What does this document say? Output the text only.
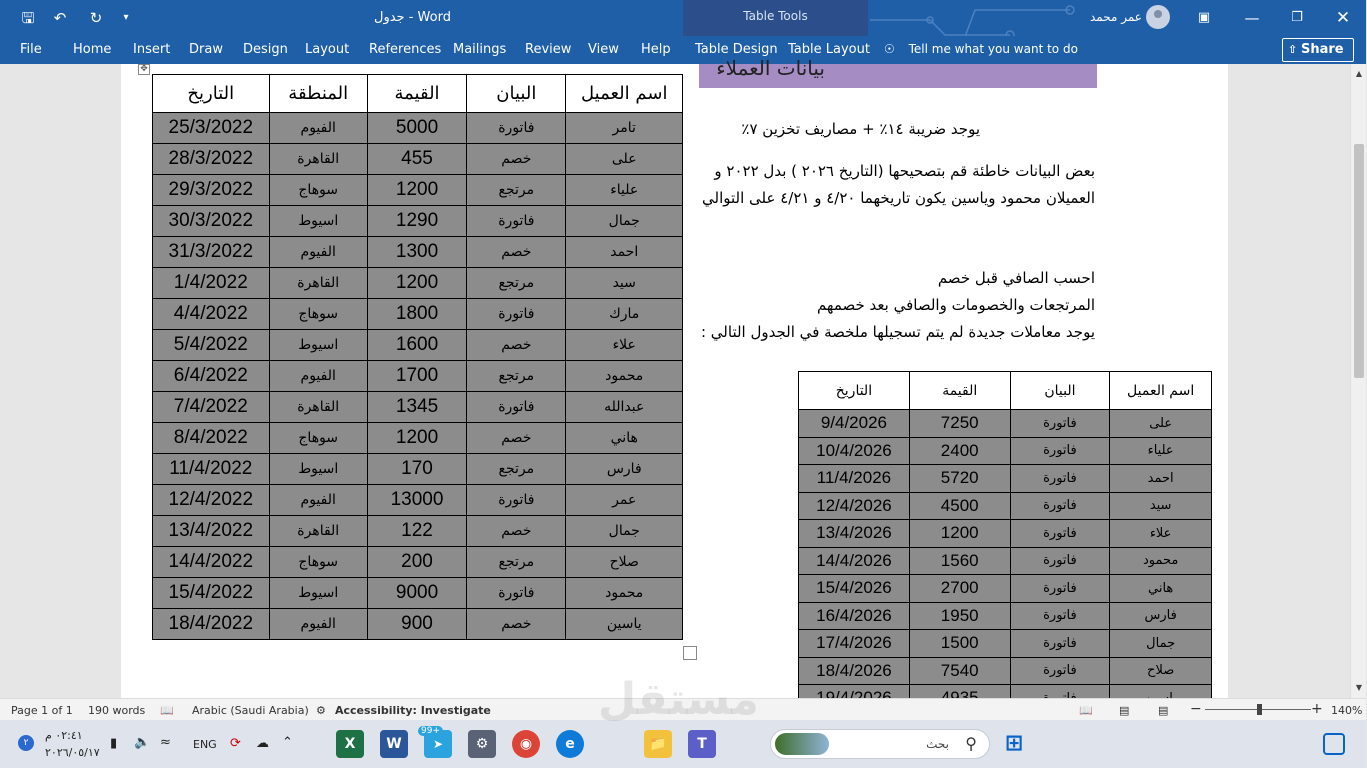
🖫 ↶ ↻	▾	جدول - Word	Table Tools	عمر محمد	▣	—	❐	✕
File Home Insert Draw Design Layout References Mailings Review View Help Table Design Table Layout ☉ Tell me what you want to do	⇧ Share
✥
اسم العميل	البيان	القيمة	المنطقة	التاريخ
تامر	فاتورة	5000	الفيوم	25/3/2022
على	خصم	455	القاهرة	28/3/2022
علياء	مرتجع	1200	سوهاج	29/3/2022
جمال	فاتورة	1290	اسيوط	30/3/2022
احمد	خصم	1300	الفيوم	31/3/2022
سيد	مرتجع	1200	القاهرة	1/4/2022
مارك	فاتورة	1800	سوهاج	4/4/2022
علاء	خصم	1600	اسيوط	5/4/2022
محمود	مرتجع	1700	الفيوم	6/4/2022
عبدالله	فاتورة	1345	القاهرة	7/4/2022
هاني	خصم	1200	سوهاج	8/4/2022
فارس	مرتجع	170	اسيوط	11/4/2022
عمر	فاتورة	13000	الفيوم	12/4/2022
جمال	خصم	122	القاهرة	13/4/2022
صلاح	مرتجع	200	سوهاج	14/4/2022
محمود	فاتورة	9000	اسيوط	15/4/2022
ياسين	خصم	900	الفيوم	18/4/2022
بيانات العملاء
يوجد ضريبة ١٤٪ + مصاريف تخزين ٧٪
بعض البيانات خاطئة قم بتصحيحها (التاريخ ٢٠٢٦ ) بدل ٢٠٢٢ و العميلان محمود وياسين يكون تاريخهما ٤/٢٠ و ٤/٢١ على التوالي
احسب الصافي قبل خصم
المرتجعات والخصومات والصافي بعد خصمهم
يوجد معاملات جديدة لم يتم تسجيلها ملخصة في الجدول التالي :
اسم العميل	البيان	القيمة	التاريخ
على	فاتورة	7250	9/4/2026
علياء	فاتورة	2400	10/4/2026
احمد	فاتورة	5720	11/4/2026
سيد	فاتورة	4500	12/4/2026
علاء	فاتورة	1200	13/4/2026
محمود	فاتورة	1560	14/4/2026
هاني	فاتورة	2700	15/4/2026
فارس	فاتورة	1950	16/4/2026
جمال	فاتورة	1500	17/4/2026
صلاح	فاتورة	7540	18/4/2026

▲
▼
Page 1 of 1 190 words 📖 Arabic (Saudi Arabia) ⚙ Accessibility: Investigate	📖 ▤	▤ −	+ 140%
٢
٠٢:٤١ م
٢٠٢٦/٠٥/١٧
▮ 🔈 ≈ ENG ⟳ ☁ ⌃	X	W	➤
99+
⚙	◉	e	📁	T	بحث ⚲ ⊞
مستقل
